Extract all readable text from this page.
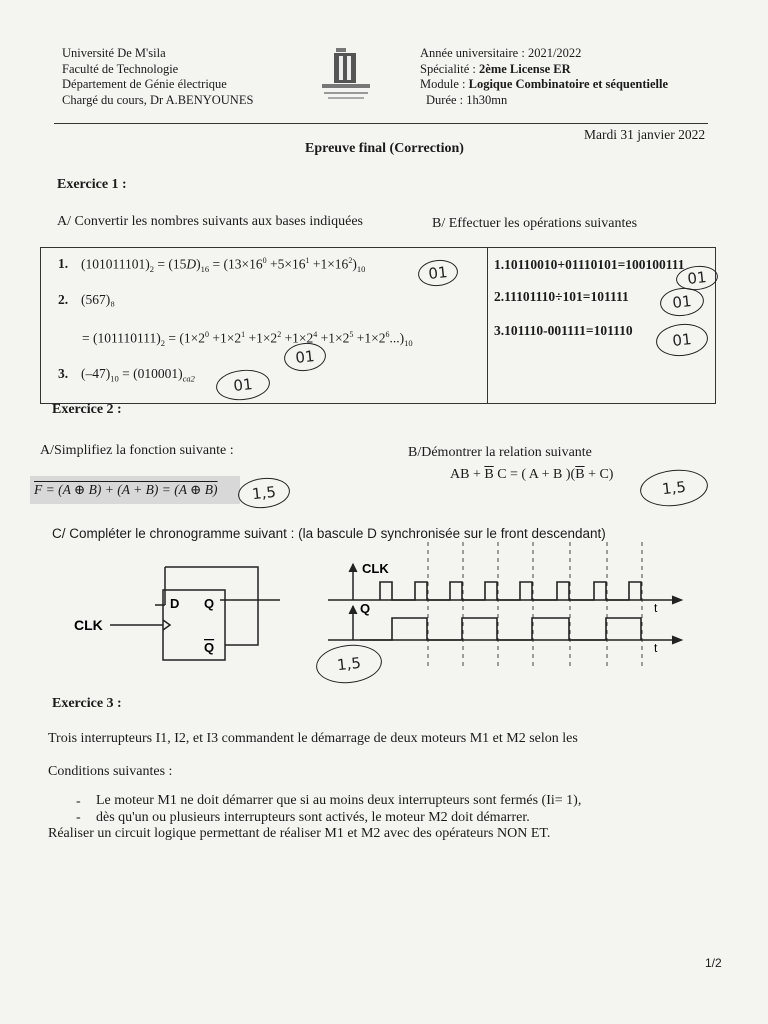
Université De M'sila
Faculté de Technologie
Département de Génie électrique
Chargé du cours, Dr A.BENYOUNES
Année universitaire : 2021/2022
Spécialité : 2ème License ER
Module : Logique Combinatoire et séquentielle
Durée : 1h30mn
Mardi 31 janvier 2022
Epreuve final (Correction)
Exercice 1 :
A/ Convertir les nombres suivants aux bases indiquées	B/ Effectuer les opérations suivantes
1. $(101011101)_2 = (15D)_{16} = (13\times 16^0 +5\times 16^1 +1\times 16^2)_{10}$
2. (567)₈
= $(101110111)_2 = (1\times 2^0 +1\times 2^1 +1\times 2^2 +1\times 2^4 +1\times 2^5 +1\times 2^6...)_{10}$
3. $(-47)_{10} = (010001)_{ca2}$
1.10110010+01110101=100100111
2.11101110÷101=101111
3.101110-001111=101110
01
01
01
01
01
01
Exercice 2 :
A/Simplifiez la fonction suivante :	B/Démontrer la relation suivante
F = (A ⊕ B) + (A + B) = (A ⊕ B)	1,5
AB + $\overline{B}$ C = ( A + B )$(\overline{B} + C)$
1,5
C/ Compléter le chronogramme suivant : (la bascule D synchronisée sur le front descendant)
D Q
Q
CLK
CLK
Q	t
t
1,5
Exercice 3 :
Trois interrupteurs I1, I2, et I3 commandent le démarrage de deux moteurs M1 et M2 selon les
Conditions suivantes :
- Le moteur M1 ne doit démarrer que si au moins deux interrupteurs sont fermés (Ii= 1),
- dès qu'un ou plusieurs interrupteurs sont activés, le moteur M2 doit démarrer.
Réaliser un circuit logique permettant de réaliser M1 et M2 avec des opérateurs NON ET.
1/2
